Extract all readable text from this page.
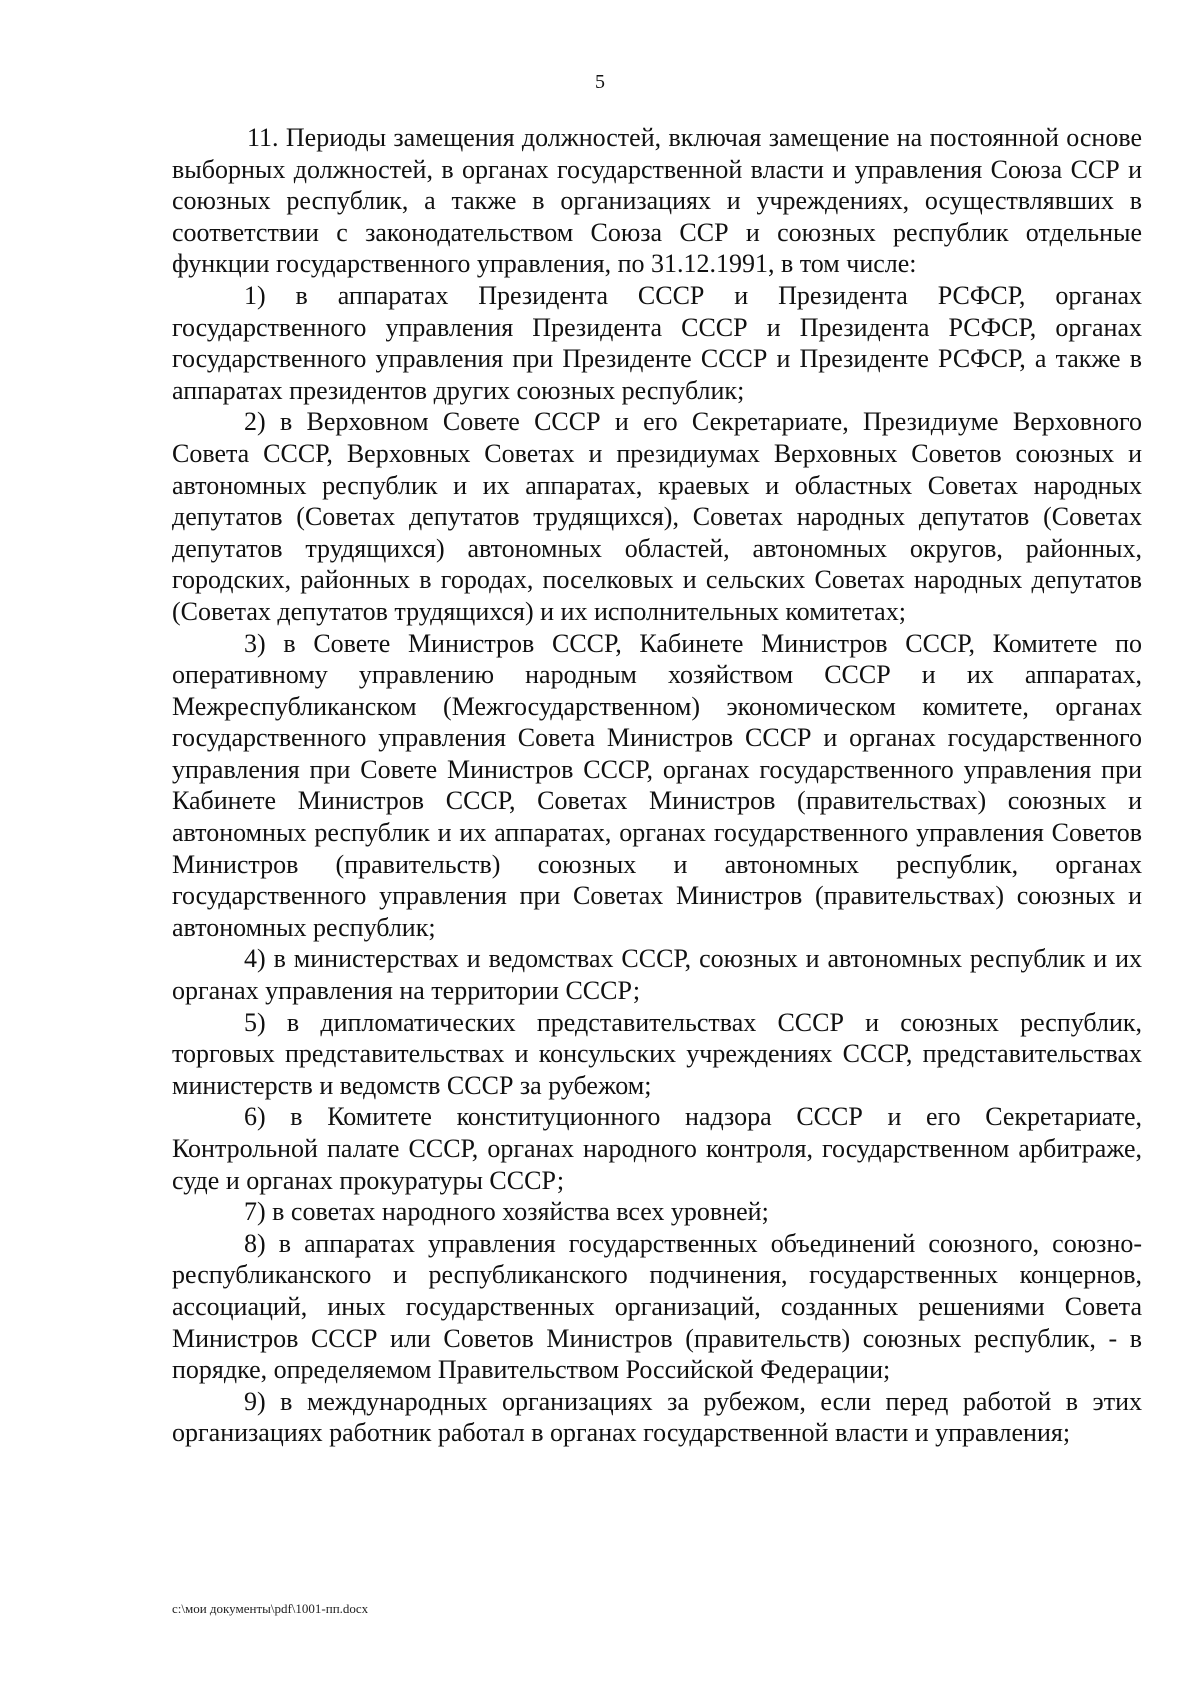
5

11. Периоды замещения должностей, включая замещение на постоянной основе выборных должностей, в органах государственной власти и управления Союза ССР и союзных республик, а также в организациях и учреждениях, осуществлявших в соответствии с законодательством Союза ССР и союзных республик отдельные функции государственного управления, по 31.12.1991, в том числе:

1) в аппаратах Президента СССР и Президента РСФСР, органах государственного управления Президента СССР и Президента РСФСР, органах государственного управления при Президенте СССР и Президенте РСФСР, а также в аппаратах президентов других союзных республик;

2) в Верховном Совете СССР и его Секретариате, Президиуме Верховного Совета СССР, Верховных Советах и президиумах Верховных Советов союзных и автономных республик и их аппаратах, краевых и областных Советах народных депутатов (Советах депутатов трудящихся), Советах народных депутатов (Советах депутатов трудящихся) автономных областей, автономных округов, районных, городских, районных в городах, поселковых и сельских Советах народных депутатов (Советах депутатов трудящихся) и их исполнительных комитетах;

3) в Совете Министров СССР, Кабинете Министров СССР, Комитете по оперативному управлению народным хозяйством СССР и их аппаратах, Межреспубликанском (Межгосударственном) экономическом комитете, органах государственного управления Совета Министров СССР и органах государственного управления при Совете Министров СССР, органах государственного управления при Кабинете Министров СССР, Советах Министров (правительствах) союзных и автономных республик и их аппаратах, органах государственного управления Советов Министров (правительств) союзных и автономных республик, органах государственного управления при Советах Министров (правительствах) союзных и автономных республик;

4) в министерствах и ведомствах СССР, союзных и автономных республик и их органах управления на территории СССР;

5) в дипломатических представительствах СССР и союзных республик, торговых представительствах и консульских учреждениях СССР, представительствах министерств и ведомств СССР за рубежом;

6) в Комитете конституционного надзора СССР и его Секретариате, Контрольной палате СССР, органах народного контроля, государственном арбитраже, суде и органах прокуратуры СССР;

7) в советах народного хозяйства всех уровней;

8) в аппаратах управления государственных объединений союзного, союзно-республиканского и республиканского подчинения, государственных концернов, ассоциаций, иных государственных организаций, созданных решениями Совета Министров СССР или Советов Министров (правительств) союзных республик, - в порядке, определяемом Правительством Российской Федерации;

9) в международных организациях за рубежом, если перед работой в этих организациях работник работал в органах государственной власти и управления;

c:\мои документы\pdf\1001-пп.docx
